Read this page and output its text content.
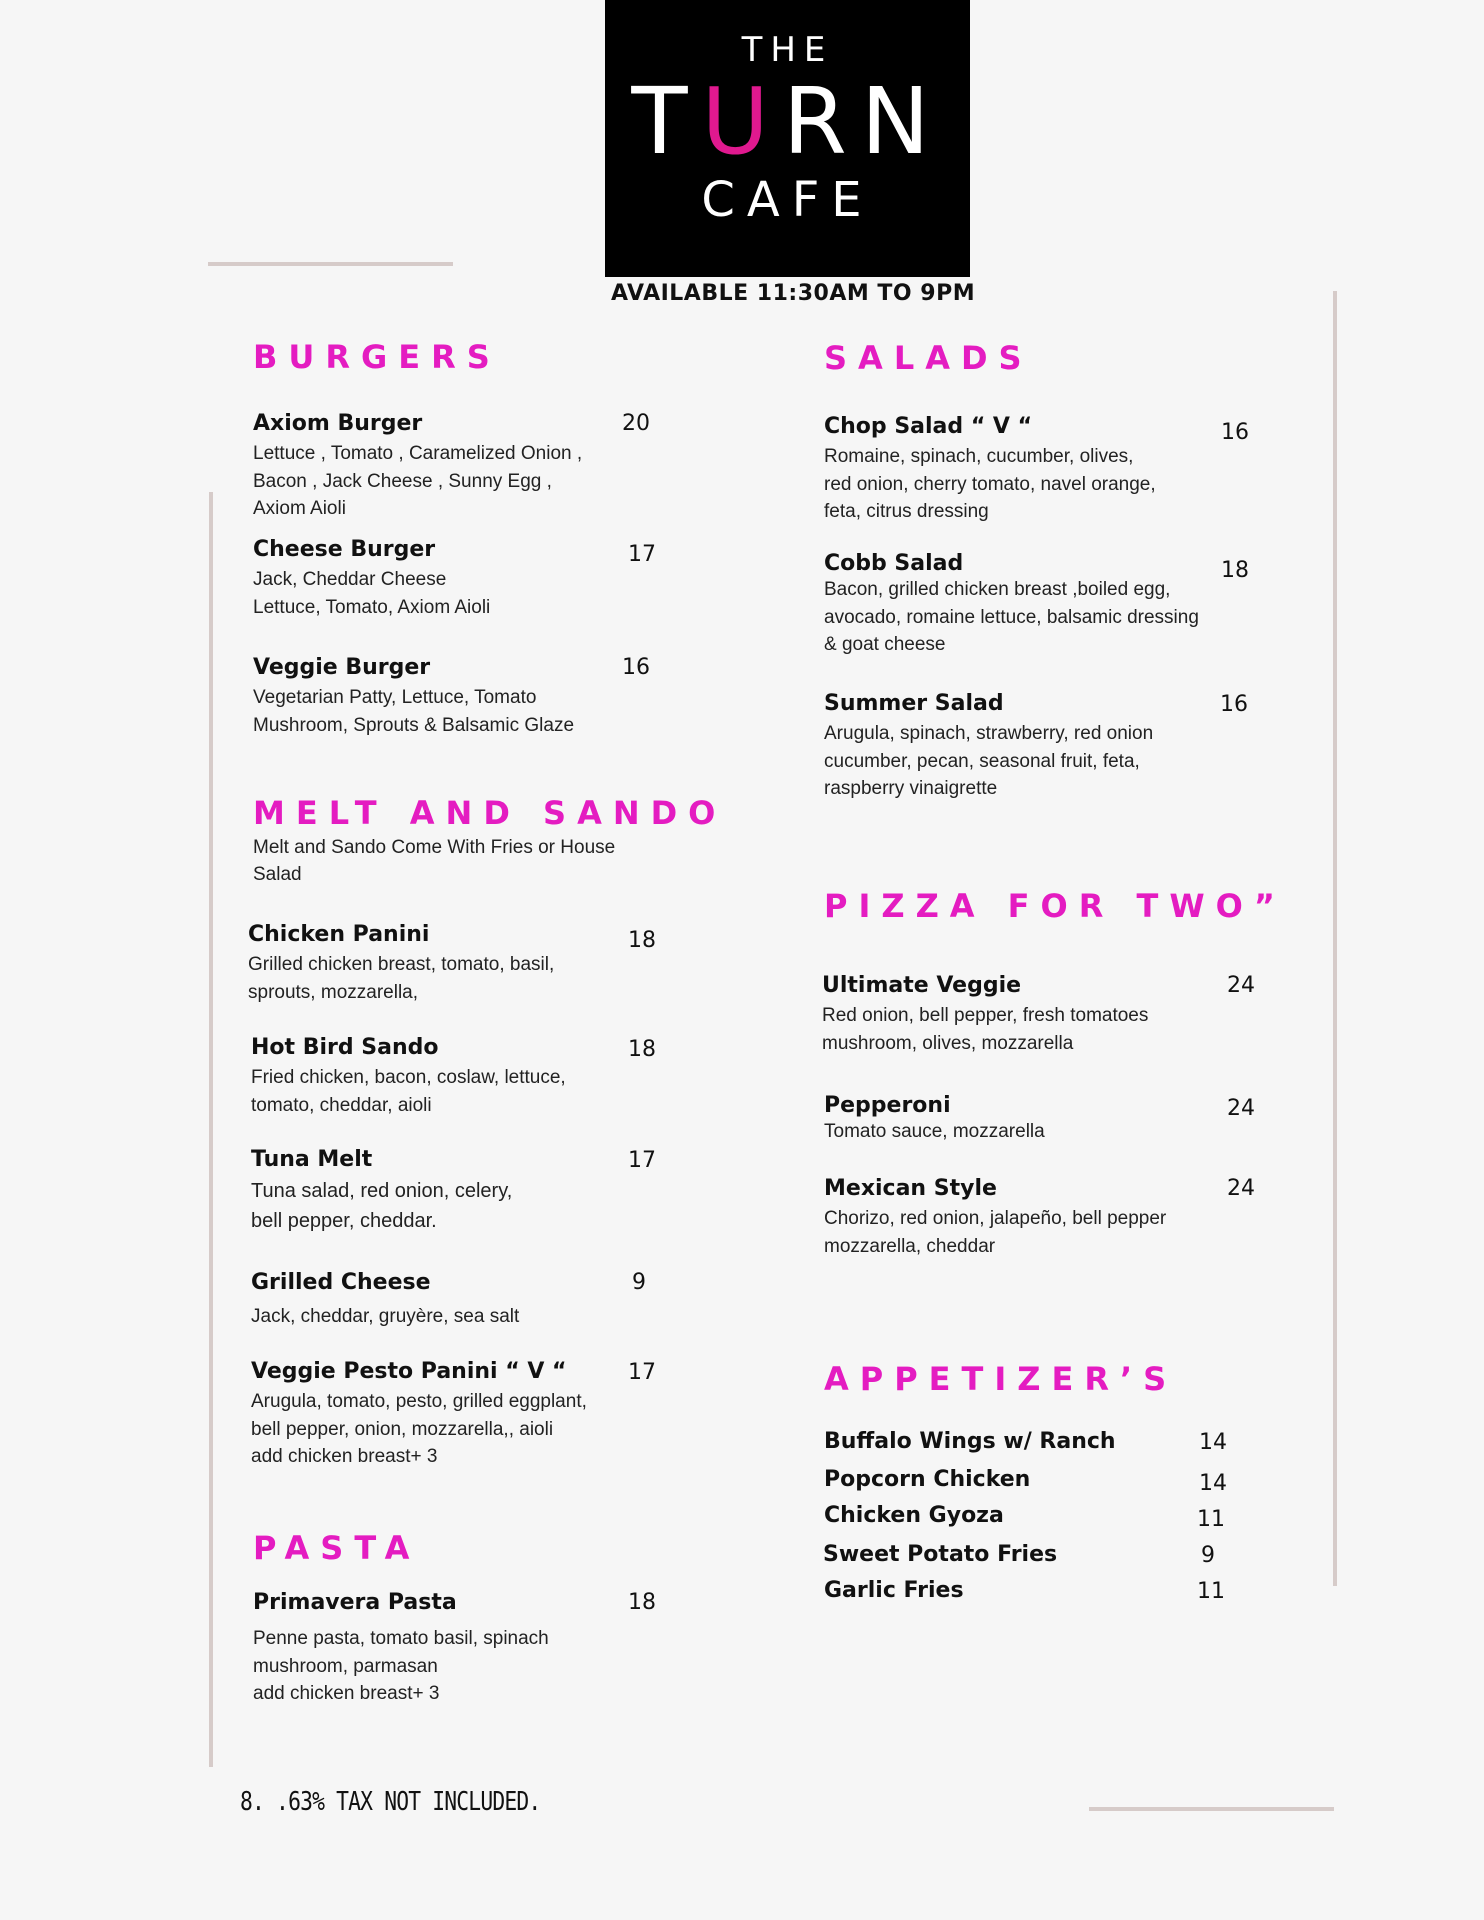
THE
TURN
CAFE
AVAILABLE 11:30AM TO 9PM
BURGERS
Axiom Burger
Lettuce , Tomato , Caramelized Onion ,
Bacon , Jack Cheese , Sunny Egg ,
Axiom Aioli
20
Cheese Burger
Jack, Cheddar Cheese
Lettuce, Tomato, Axiom Aioli
17
Veggie Burger
Vegetarian Patty, Lettuce, Tomato
Mushroom, Sprouts & Balsamic Glaze
16
MELT AND SANDO
Melt and Sando Come With Fries or House
Salad
Chicken Panini
Grilled chicken breast, tomato, basil,
sprouts, mozzarella,
18
Hot Bird Sando
Fried chicken, bacon, coslaw, lettuce,
tomato, cheddar, aioli
18
Tuna Melt
Tuna salad, red onion, celery,
bell pepper, cheddar.
17
Grilled Cheese
Jack, cheddar, gruyère, sea salt
9
Veggie Pesto Panini “ V “
Arugula, tomato, pesto, grilled eggplant,
bell pepper, onion, mozzarella,, aioli
add chicken breast+ 3
17
PASTA
Primavera Pasta
Penne pasta, tomato basil, spinach
mushroom, parmasan
add chicken breast+ 3
18
SALADS
Chop Salad “ V “
Romaine, spinach, cucumber, olives,
red onion, cherry tomato, navel orange,
feta, citrus dressing
16
Cobb Salad
Bacon, grilled chicken breast ,boiled egg,
avocado, romaine lettuce, balsamic dressing
& goat cheese
18
Summer Salad
Arugula, spinach, strawberry, red onion
cucumber, pecan, seasonal fruit, feta,
raspberry vinaigrette
16
PIZZA FOR TWO”
Ultimate Veggie
Red onion, bell pepper, fresh tomatoes
mushroom, olives, mozzarella
24
Pepperoni
Tomato sauce, mozzarella
24
Mexican Style
Chorizo, red onion, jalapeño, bell pepper
mozzarella, cheddar
24
APPETIZER’S
Buffalo Wings w/ Ranch	14
Popcorn Chicken	14
Chicken Gyoza	11
Sweet Potato Fries	9
Garlic Fries	11
8. .63% TAX NOT INCLUDED.
